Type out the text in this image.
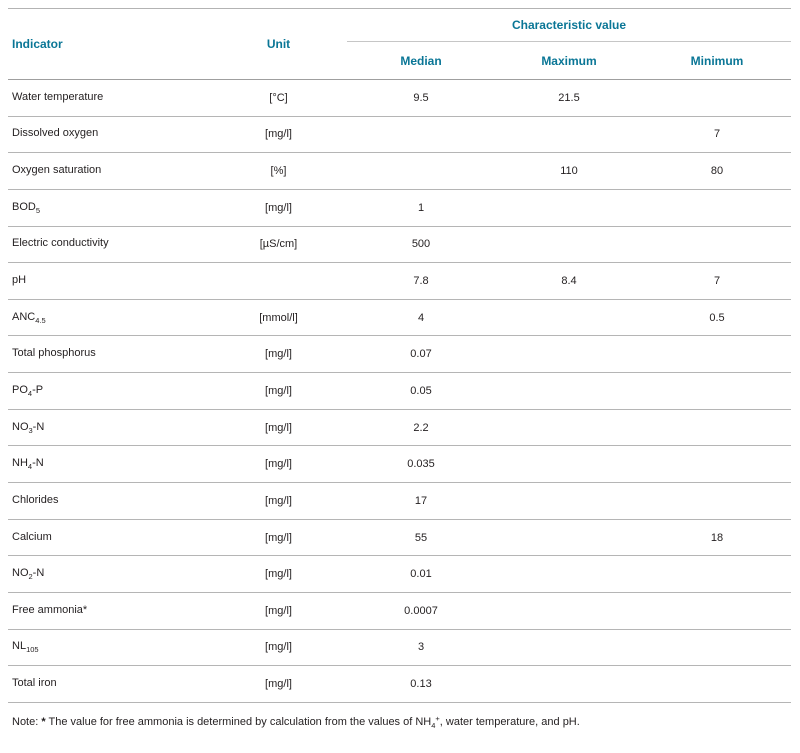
Indicator	Unit	Characteristic value		
		Median	Maximum	Minimum
Water temperature	[°C]	9.5	21.5	
Dissolved oxygen	[mg/l]			7
Oxygen saturation	[%]		110	80
$BOD_5$	[mg/l]	1		
Electric conductivity	[µS/cm]	500		
pH		7.8	8.4	7
$ANC_{4.5}$	[mmol/l]	4		0.5
Total phosphorus	[mg/l]	0.07		
$PO_4-P$	[mg/l]	0.05		
$NO_3-N$	[mg/l]	2.2		
$NH_4-N$	[mg/l]	0.035		
Chlorides	[mg/l]	17		
Calcium	[mg/l]	55		18
$NO_2-N$	[mg/l]	0.01		
Free ammonia*	[mg/l]	0.0007		
$NL_{105}$	[mg/l]	3		
Total iron	[mg/l]	0.13		

Note: * The value for free ammonia is determined by calculation from the values of $NH_4^+$, water temperature, and pH.
